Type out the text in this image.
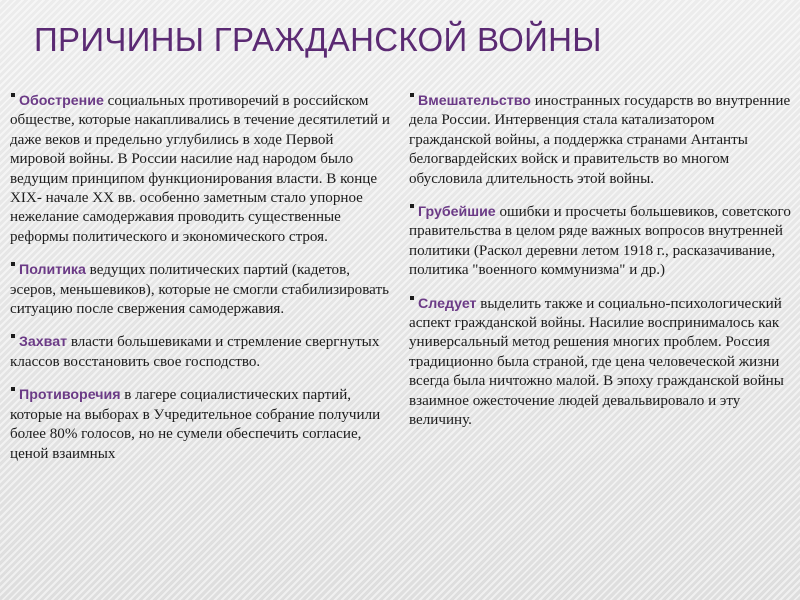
ПРИЧИНЫ ГРАЖДАНСКОЙ ВОЙНЫ

Обострение социальных противоречий в российском обществе, которые накапливались в течение десятилетий и даже веков и предельно углубились в ходе Первой мировой войны. В России насилие над народом было ведущим принципом функционирования власти. В конце XIX- начале XX вв. особенно заметным стало упорное нежелание самодержавия проводить существенные реформы политического и экономического строя.

Политика ведущих политических партий (кадетов, эсеров, меньшевиков), которые не смогли стабилизировать ситуацию после свержения самодержавия.

Захват власти большевиками и стремление свергнутых классов восстановить свое господство.

Противоречия в лагере социалистических партий, которые на выборах в Учредительное собрание получили более 80% голосов, но не сумели обеспечить согласие, ценой взаимных

Вмешательство иностранных государств во внутренние дела России. Интервенция стала катализатором гражданской войны, а поддержка странами Антанты белогвардейских войск и правительств во многом обусловила длительность этой войны.

Грубейшие ошибки и просчеты большевиков, советского правительства в целом ряде важных вопросов внутренней политики (Раскол деревни летом 1918 г., расказачивание, политика "военного коммунизма" и др.)

Следует выделить также и социально-психологический аспект гражданской войны. Насилие воспринималось как универсальный метод решения многих проблем. Россия традиционно была страной, где цена человеческой жизни всегда была ничтожно малой. В эпоху гражданской войны взаимное ожесточение людей девальвировало и эту величину.
